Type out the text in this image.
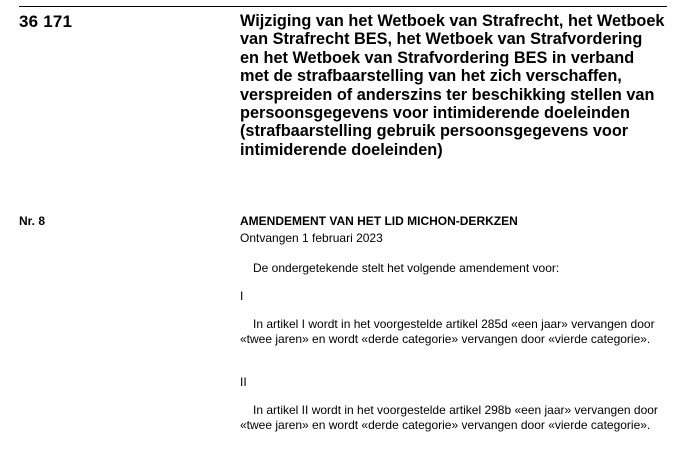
36 171	Wijziging van het Wetboek van Strafrecht, het Wetboek van Strafrecht BES, het Wetboek van Strafvordering en het Wetboek van Strafvordering BES in verband met de strafbaarstelling van het zich verschaffen, verspreiden of anderszins ter beschikking stellen van persoonsgegevens voor intimiderende doeleinden (strafbaarstelling gebruik persoonsgegevens voor intimiderende doeleinden)
Nr. 8	AMENDEMENT VAN HET LID MICHON-DERKZEN
Ontvangen 1 februari 2023
De ondergetekende stelt het volgende amendement voor:
I

In artikel I wordt in het voorgestelde artikel 285d «een jaar» vervangen door «twee jaren» en wordt «derde categorie» vervangen door «vierde categorie».

II

In artikel II wordt in het voorgestelde artikel 298b «een jaar» vervangen door «twee jaren» en wordt «derde categorie» vervangen door «vierde categorie».
